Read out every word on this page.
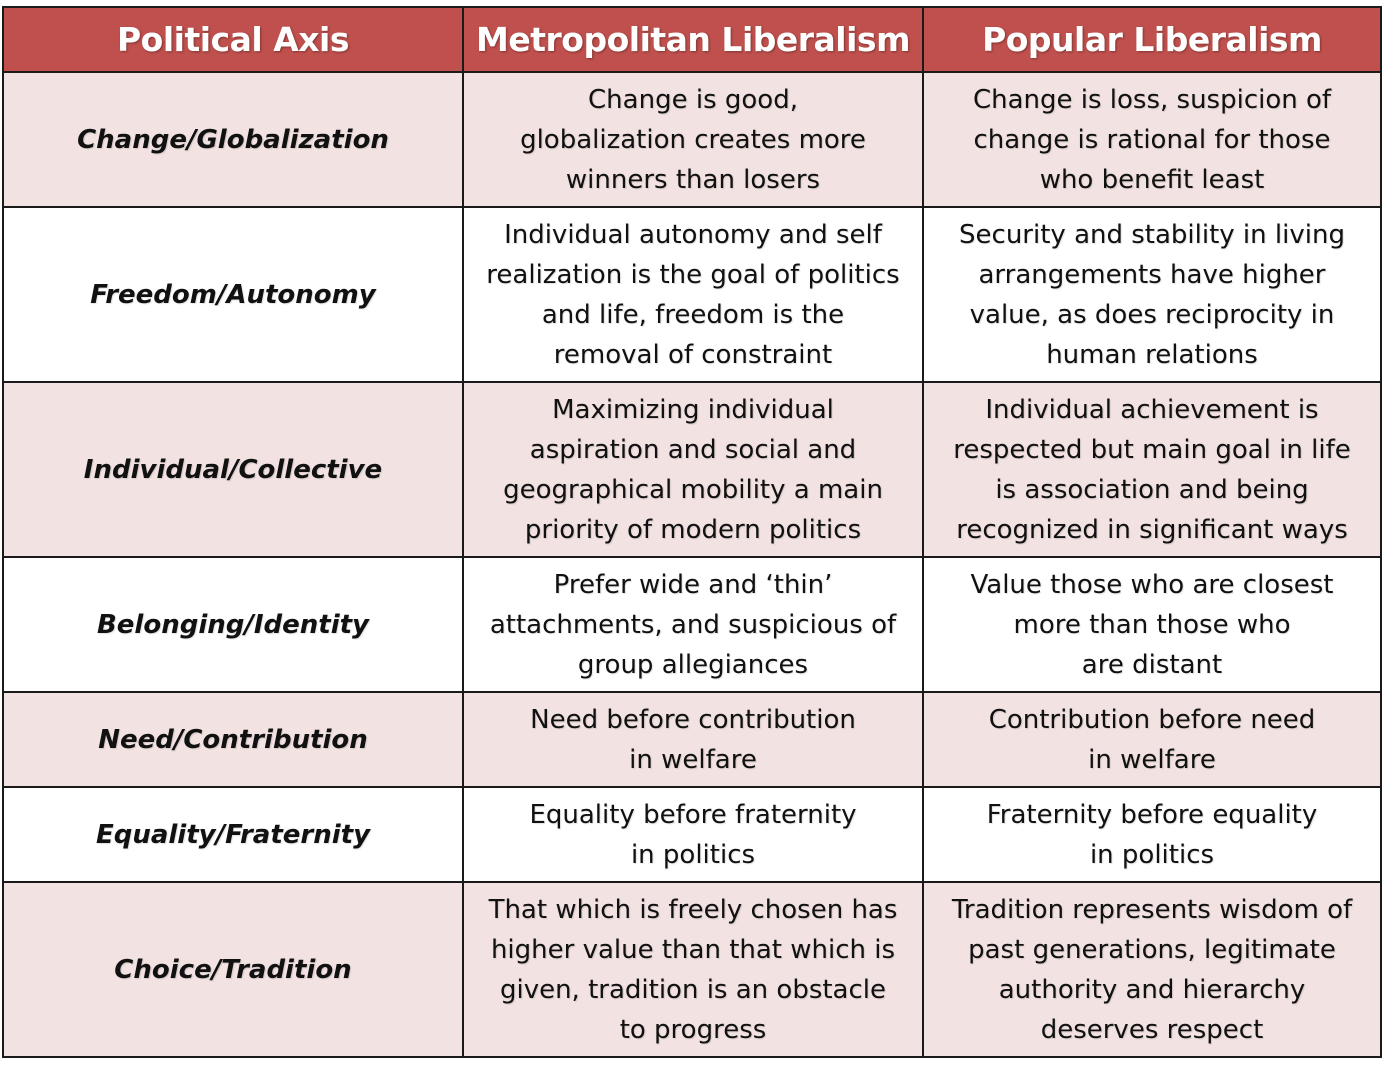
Political Axis	Metropolitan Liberalism	Popular Liberalism
Change/Globalization	Change is good,
globalization creates more
winners than losers	Change is loss, suspicion of
change is rational for those
who benefit least
Freedom/Autonomy	Individual autonomy and self
realization is the goal of politics
and life, freedom is the
removal of constraint	Security and stability in living
arrangements have higher
value, as does reciprocity in
human relations
Individual/Collective	Maximizing individual
aspiration and social and
geographical mobility a main
priority of modern politics	Individual achievement is
respected but main goal in life
is association and being
recognized in significant ways
Belonging/Identity	Prefer wide and ‘thin’
attachments, and suspicious of
group allegiances	Value those who are closest
more than those who
are distant
Need/Contribution	Need before contribution
in welfare	Contribution before need
in welfare
Equality/Fraternity	Equality before fraternity
in politics	Fraternity before equality
in politics
Choice/Tradition	That which is freely chosen has
higher value than that which is
given, tradition is an obstacle
to progress	Tradition represents wisdom of
past generations, legitimate
authority and hierarchy
deserves respect
